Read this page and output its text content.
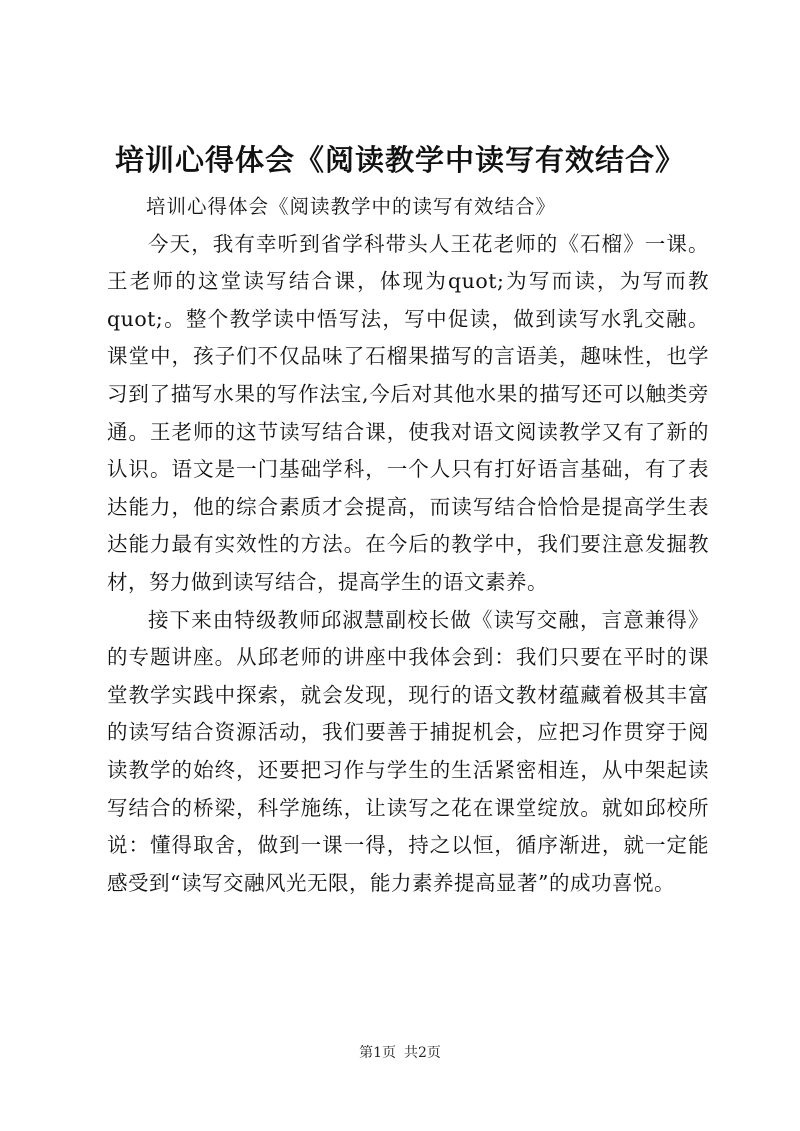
培训心得体会《阅读教学中读写有效结合》

培训心得体会《阅读教学中的读写有效结合》

今天，我有幸听到省学科带头人王花老师的《石榴》一课。王老师的这堂读写结合课，体现为quot;为写而读，为写而教quot;。整个教学读中悟写法，写中促读，做到读写水乳交融。课堂中，孩子们不仅品味了石榴果描写的言语美，趣味性，也学习到了描写水果的写作法宝,今后对其他水果的描写还可以触类旁通。王老师的这节读写结合课，使我对语文阅读教学又有了新的认识。语文是一门基础学科，一个人只有打好语言基础，有了表达能力，他的综合素质才会提高，而读写结合恰恰是提高学生表达能力最有实效性的方法。在今后的教学中，我们要注意发掘教材，努力做到读写结合，提高学生的语文素养。

接下来由特级教师邱淑慧副校长做《读写交融，言意兼得》的专题讲座。从邱老师的讲座中我体会到：我们只要在平时的课堂教学实践中探索，就会发现，现行的语文教材蕴藏着极其丰富的读写结合资源活动，我们要善于捕捉机会，应把习作贯穿于阅读教学的始终，还要把习作与学生的生活紧密相连，从中架起读写结合的桥梁，科学施练，让读写之花在课堂绽放。就如邱校所说：懂得取舍，做到一课一得，持之以恒，循序渐进，就一定能感受到“读写交融风光无限，能力素养提高显著”的成功喜悦。

第1页 共2页
